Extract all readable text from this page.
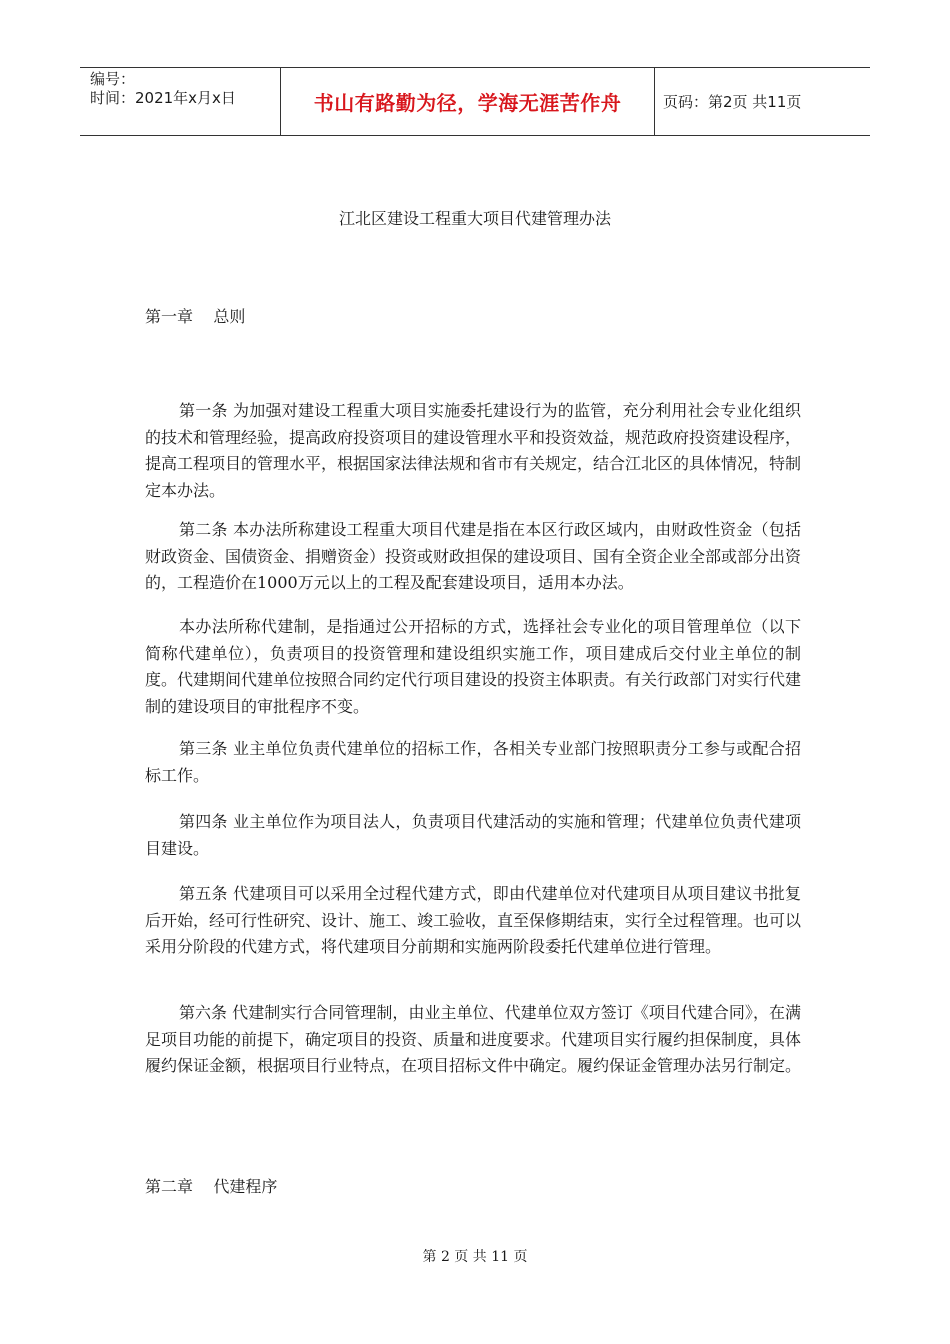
编号：
时间：2021年x月x日	书山有路勤为径，学海无涯苦作舟	页码：第2页 共11页
江北区建设工程重大项目代建管理办法
第一章    总则

第一条 为加强对建设工程重大项目实施委托建设行为的监管，充分利用社会专业化组织的技术和管理经验，提高政府投资项目的建设管理水平和投资效益，规范政府投资建设程序，提高工程项目的管理水平，根据国家法律法规和省市有关规定，结合江北区的具体情况，特制定本办法。

第二条 本办法所称建设工程重大项目代建是指在本区行政区域内，由财政性资金（包括财政资金、国债资金、捐赠资金）投资或财政担保的建设项目、国有全资企业全部或部分出资的，工程造价在1000万元以上的工程及配套建设项目，适用本办法。

本办法所称代建制，是指通过公开招标的方式，选择社会专业化的项目管理单位（以下简称代建单位），负责项目的投资管理和建设组织实施工作，项目建成后交付业主单位的制度。代建期间代建单位按照合同约定代行项目建设的投资主体职责。有关行政部门对实行代建制的建设项目的审批程序不变。

第三条 业主单位负责代建单位的招标工作，各相关专业部门按照职责分工参与或配合招标工作。

第四条 业主单位作为项目法人，负责项目代建活动的实施和管理；代建单位负责代建项目建设。

第五条 代建项目可以采用全过程代建方式，即由代建单位对代建项目从项目建议书批复后开始，经可行性研究、设计、施工、竣工验收，直至保修期结束，实行全过程管理。也可以采用分阶段的代建方式，将代建项目分前期和实施两阶段委托代建单位进行管理。

第六条 代建制实行合同管理制，由业主单位、代建单位双方签订《项目代建合同》，在满足项目功能的前提下，确定项目的投资、质量和进度要求。代建项目实行履约担保制度，具体履约保证金额，根据项目行业特点，在项目招标文件中确定。履约保证金管理办法另行制定。

第二章    代建程序
第 2 页 共 11 页
